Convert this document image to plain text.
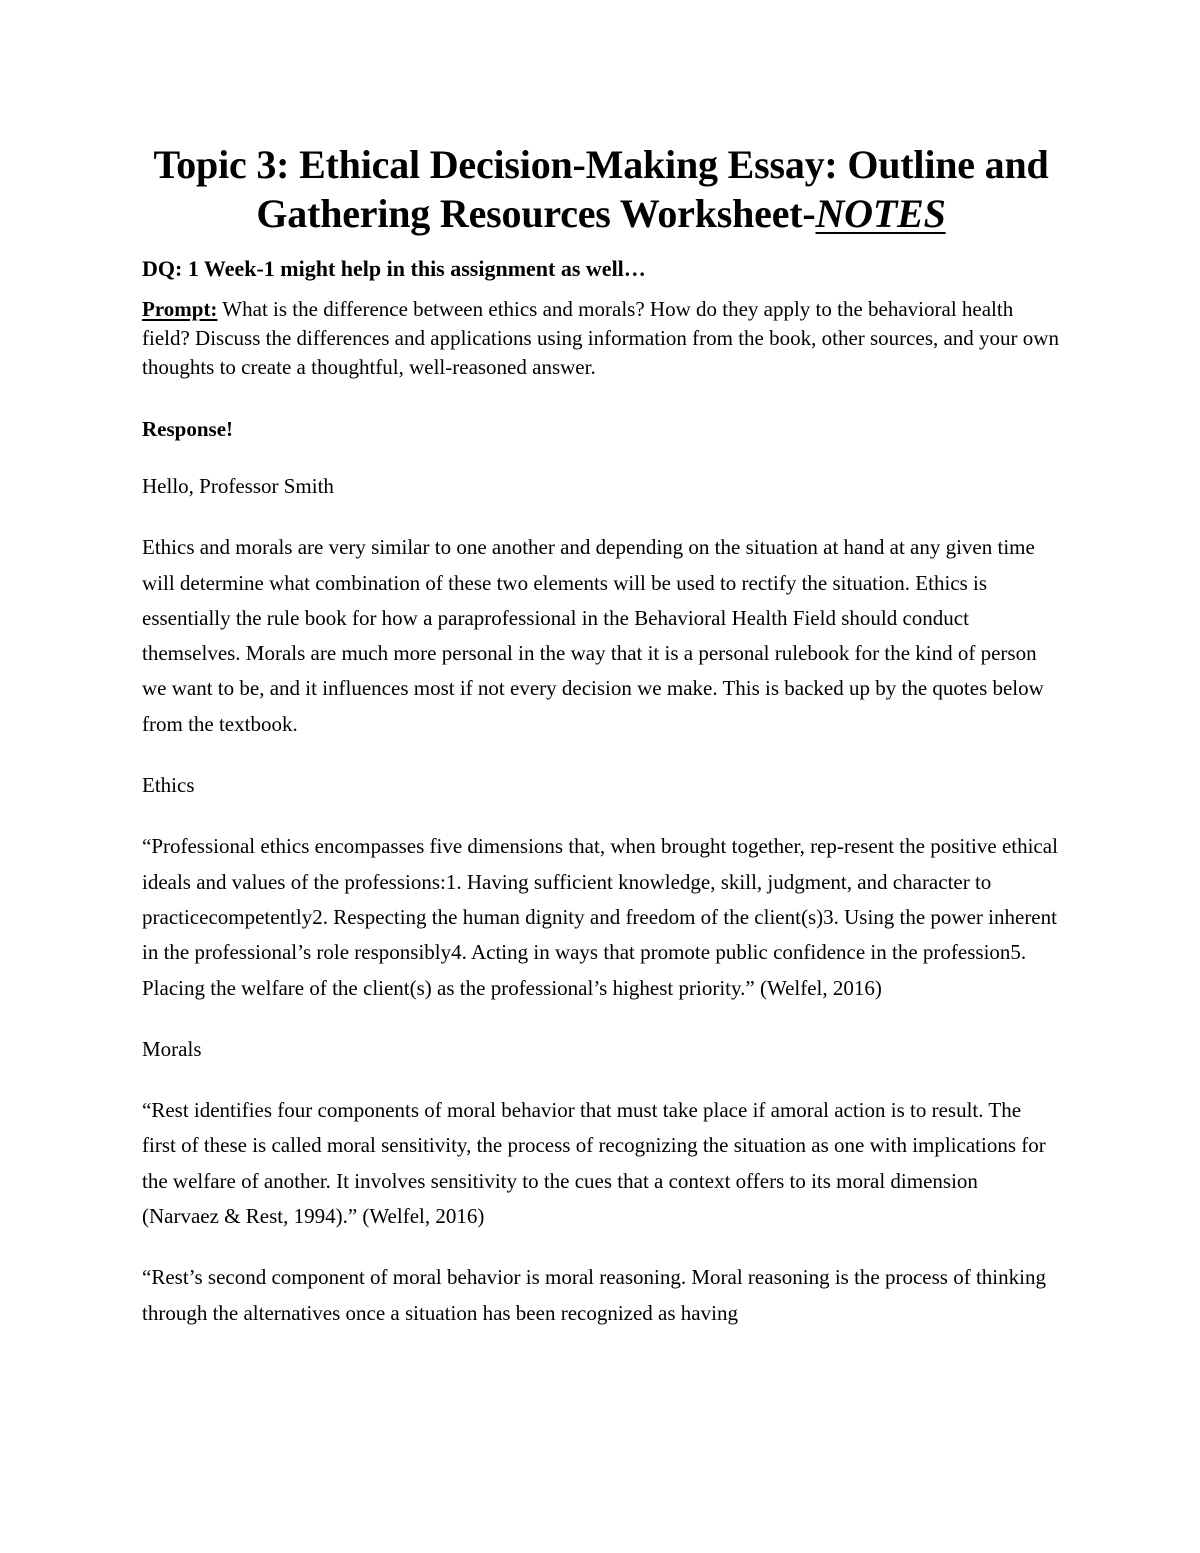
Topic 3: Ethical Decision-Making Essay: Outline and Gathering Resources Worksheet-NOTES

DQ: 1 Week-1 might help in this assignment as well…

Prompt: What is the difference between ethics and morals? How do they apply to the behavioral health field? Discuss the differences and applications using information from the book, other sources, and your own thoughts to create a thoughtful, well-reasoned answer.

Response!

Hello, Professor Smith

Ethics and morals are very similar to one another and depending on the situation at hand at any given time will determine what combination of these two elements will be used to rectify the situation. Ethics is essentially the rule book for how a paraprofessional in the Behavioral Health Field should conduct themselves. Morals are much more personal in the way that it is a personal rulebook for the kind of person we want to be, and it influences most if not every decision we make. This is backed up by the quotes below from the textbook.

Ethics

“Professional ethics encompasses five dimensions that, when brought together, rep-resent the positive ethical ideals and values of the professions:1. Having sufficient knowledge, skill, judgment, and character to practicecompetently2. Respecting the human dignity and freedom of the client(s)3. Using the power inherent in the professional’s role responsibly4. Acting in ways that promote public confidence in the profession5. Placing the welfare of the client(s) as the professional’s highest priority.” (Welfel, 2016)

Morals

“Rest identifies four components of moral behavior that must take place if amoral action is to result. The first of these is called moral sensitivity, the process of recognizing the situation as one with implications for the welfare of another. It involves sensitivity to the cues that a context offers to its moral dimension (Narvaez & Rest, 1994).” (Welfel, 2016)

“Rest’s second component of moral behavior is moral reasoning. Moral reasoning is the process of thinking through the alternatives once a situation has been recognized as having
